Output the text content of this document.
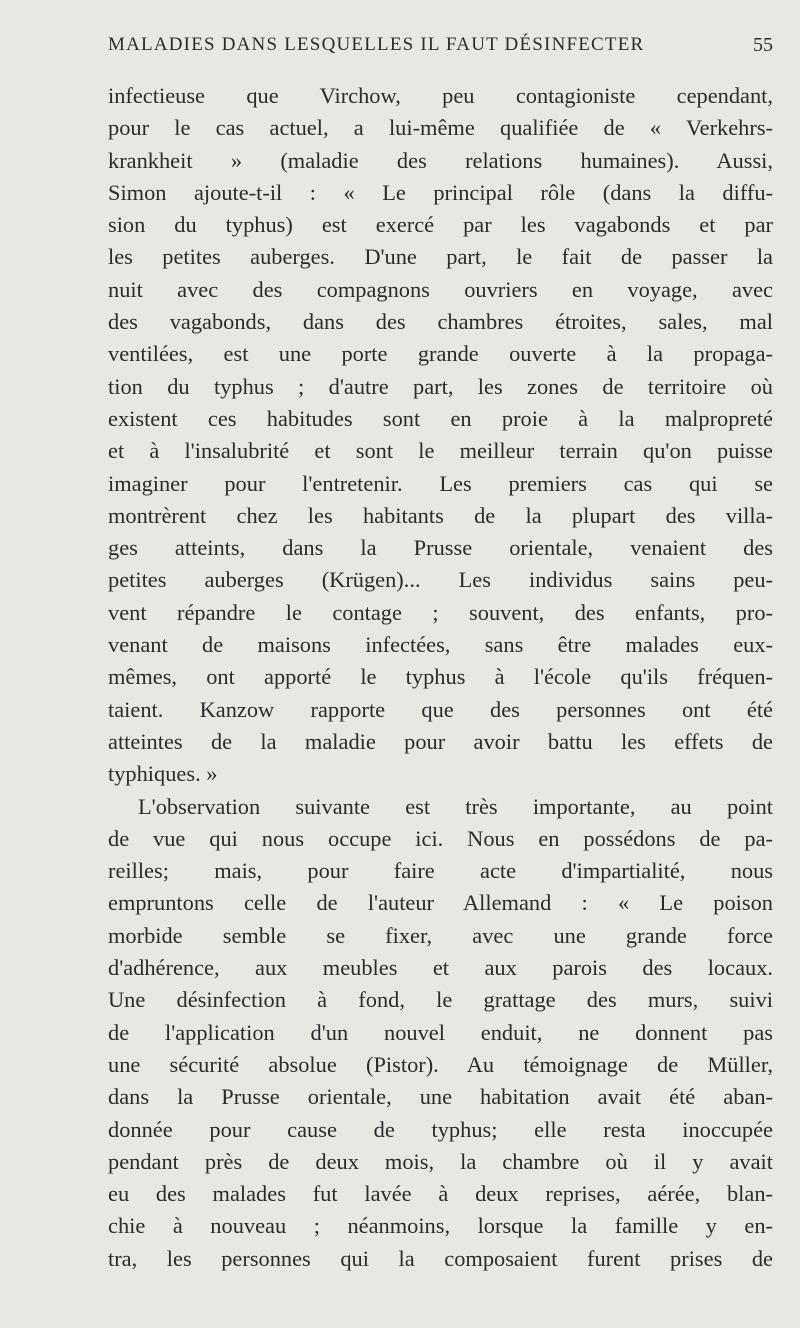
MALADIES DANS LESQUELLES IL FAUT DÉSINFECTER	55
infectieuse que Virchow, peu contagioniste cependant,
pour le cas actuel, a lui-même qualifiée de « Verkehrs-
krankheit » (maladie des relations humaines). Aussi,
Simon ajoute-t-il : « Le principal rôle (dans la diffu-
sion du typhus) est exercé par les vagabonds et par
les petites auberges. D'une part, le fait de passer la
nuit avec des compagnons ouvriers en voyage, avec
des vagabonds, dans des chambres étroites, sales, mal
ventilées, est une porte grande ouverte à la propaga-
tion du typhus ; d'autre part, les zones de territoire où
existent ces habitudes sont en proie à la malpropreté
et à l'insalubrité et sont le meilleur terrain qu'on puisse
imaginer pour l'entretenir. Les premiers cas qui se
montrèrent chez les habitants de la plupart des villa-
ges atteints, dans la Prusse orientale, venaient des
petites auberges (Krügen)... Les individus sains peu-
vent répandre le contage ; souvent, des enfants, pro-
venant de maisons infectées, sans être malades eux-
mêmes, ont apporté le typhus à l'école qu'ils fréquen-
taient. Kanzow rapporte que des personnes ont été
atteintes de la maladie pour avoir battu les effets de
typhiques. »
L'observation suivante est très importante, au point
de vue qui nous occupe ici. Nous en possédons de pa-
reilles; mais, pour faire acte d'impartialité, nous
empruntons celle de l'auteur Allemand : « Le poison
morbide semble se fixer, avec une grande force
d'adhérence, aux meubles et aux parois des locaux.
Une désinfection à fond, le grattage des murs, suivi
de l'application d'un nouvel enduit, ne donnent pas
une sécurité absolue (Pistor). Au témoignage de Müller,
dans la Prusse orientale, une habitation avait été aban-
donnée pour cause de typhus; elle resta inoccupée
pendant près de deux mois, la chambre où il y avait
eu des malades fut lavée à deux reprises, aérée, blan-
chie à nouveau ; néanmoins, lorsque la famille y en-
tra, les personnes qui la composaient furent prises de
